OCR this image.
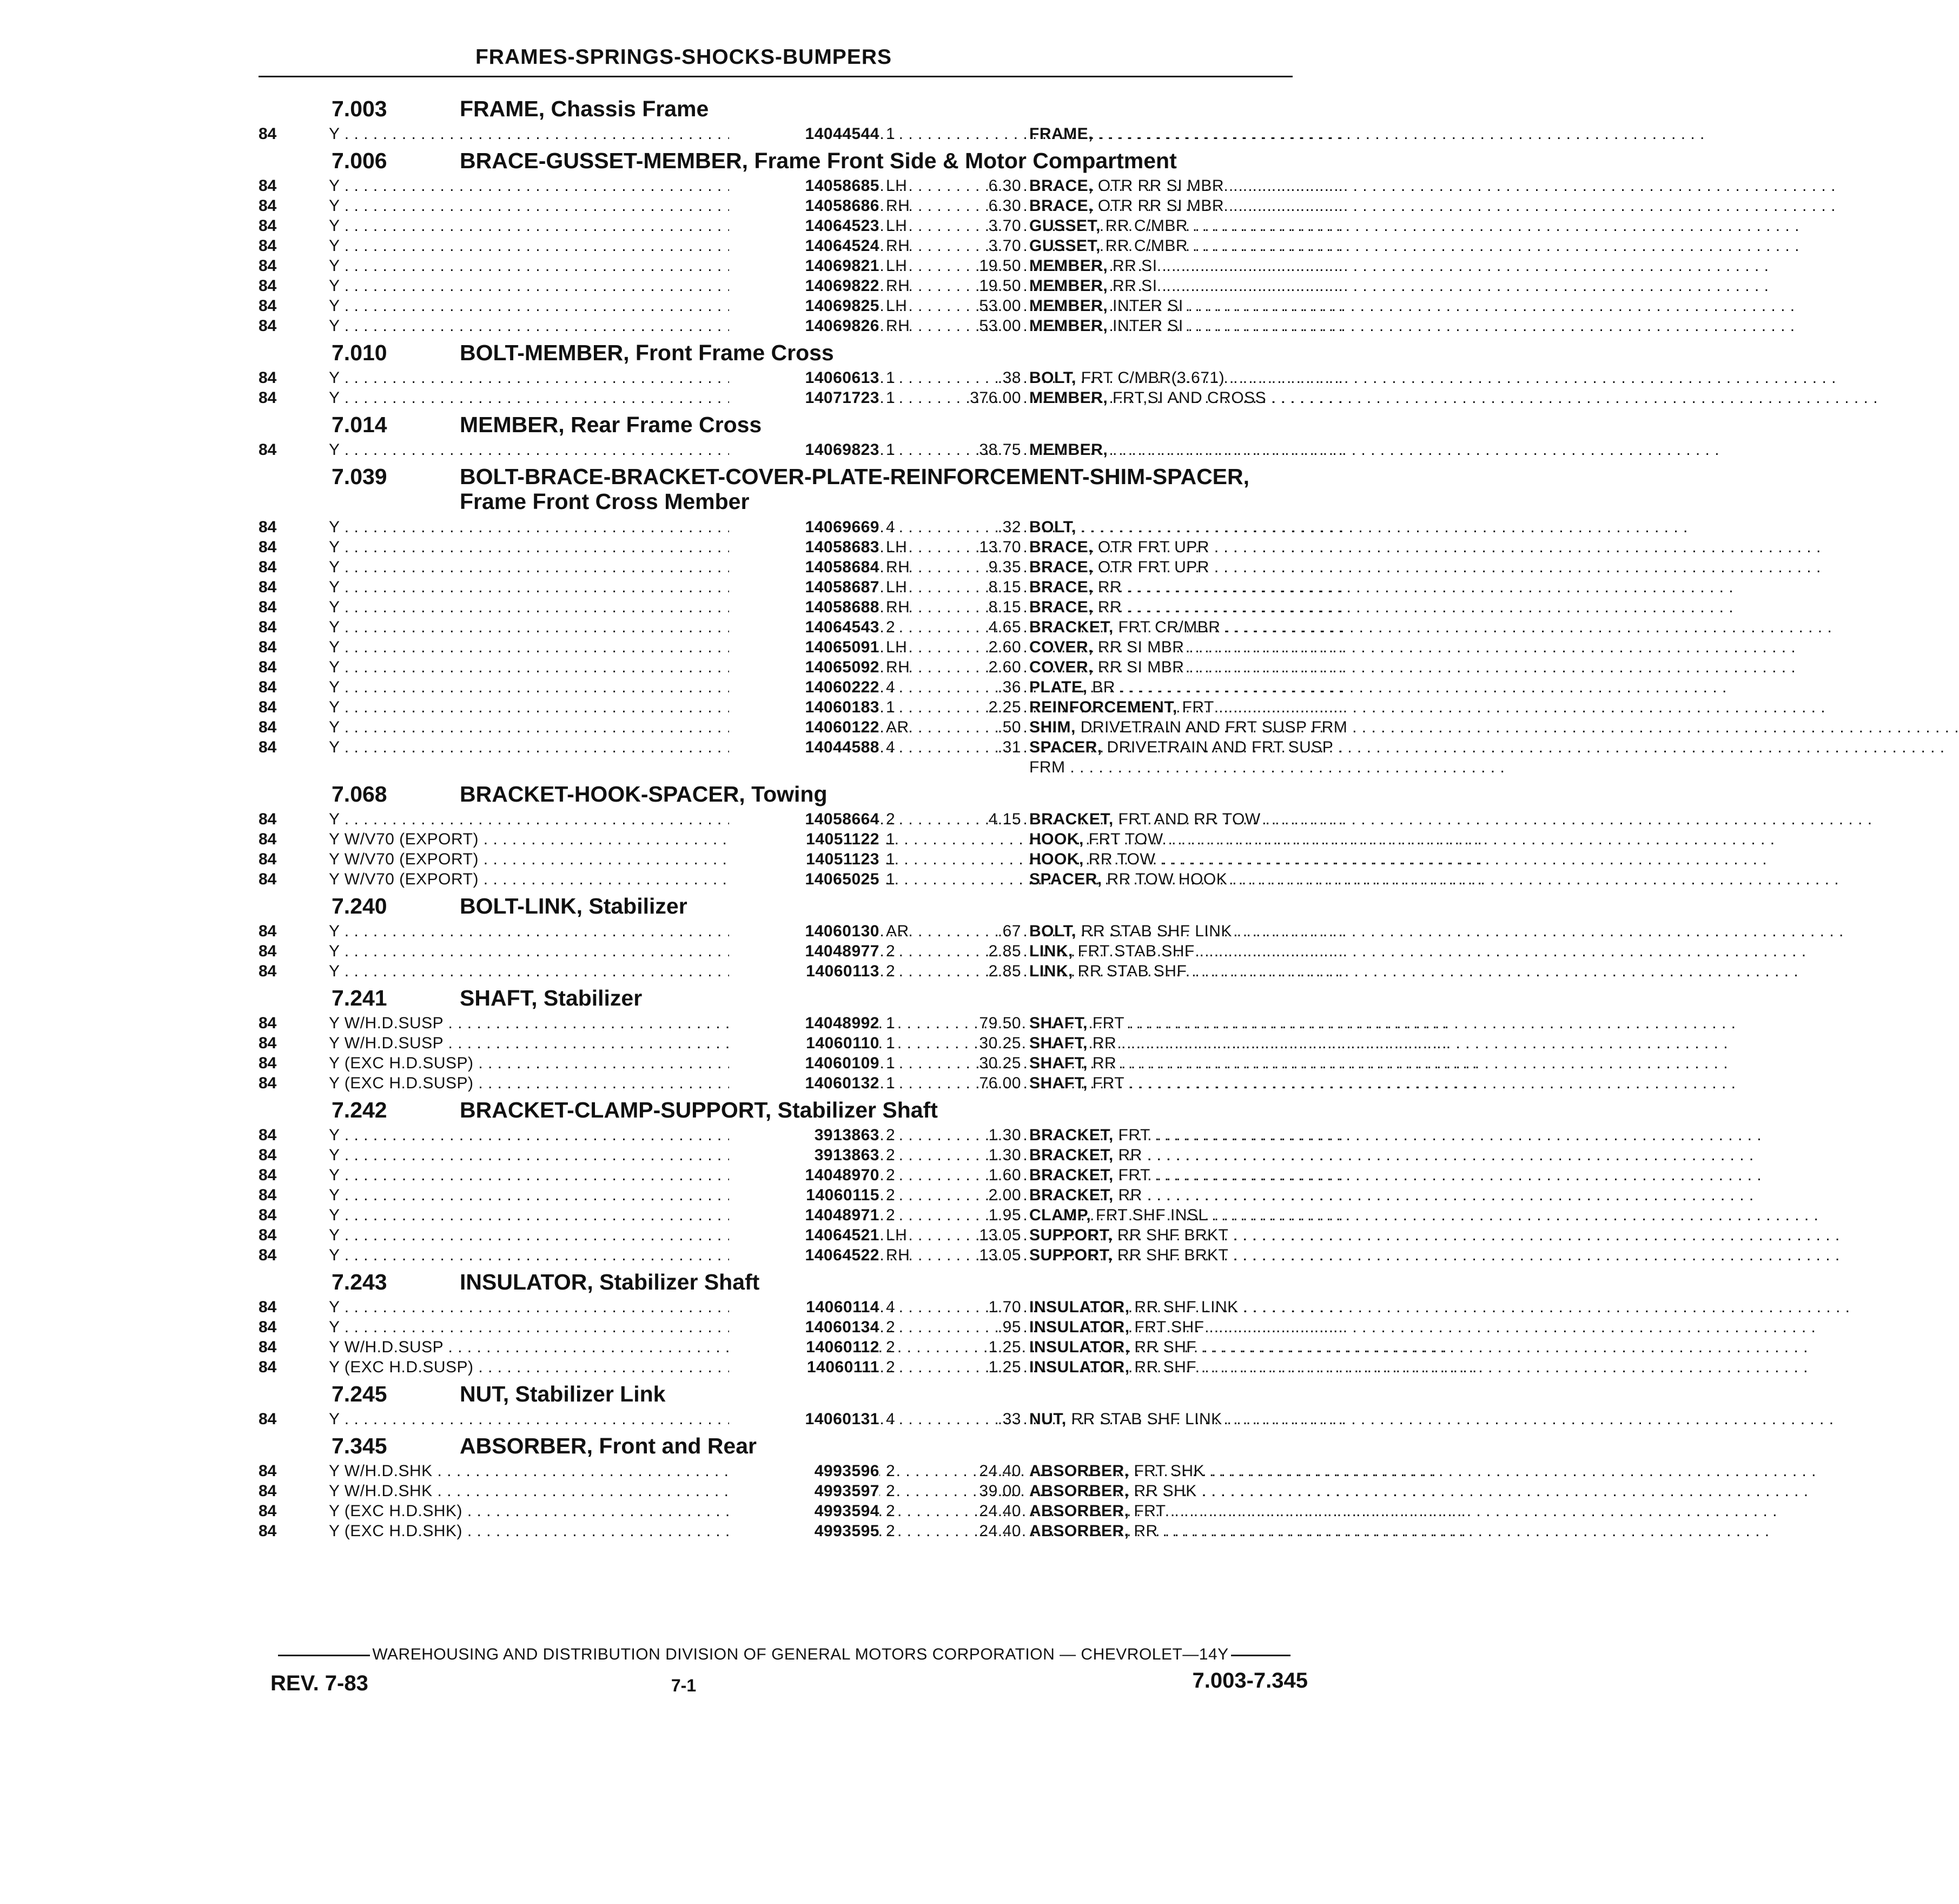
FRAMES-SPRINGS-SHOCKS-BUMPERS
7.003	FRAME, Chassis Frame
84	Y . . .	14044544 1	FRAME, . . .
7.006	BRACE-GUSSET-MEMBER, Frame Front Side & Motor Compartment
84	Y . . .	14058685 LH	6.30 BRACE, OTR RR SI MBR . . .
84	Y . . .	14058686 RH	6.30 BRACE, OTR RR SI MBR . . .
84	Y . . .	14064523 LH	3.70 GUSSET, RR C/MBR . . .
84	Y . . .	14064524 RH	3.70 GUSSET, RR C/MBR . . .
84	Y . . .	14069821 LH	19.50 MEMBER, RR SI . . .
84	Y . . .	14069822 RH	19.50 MEMBER, RR SI . . .
84	Y . . .	14069825 LH	53.00 MEMBER, INTER SI . . .
84	Y . . .	14069826 RH	53.00 MEMBER, INTER SI . . .
7.010	BOLT-MEMBER, Front Frame Cross
84	Y . . .	14060613 1	.38 BOLT, FRT C/MBR(3.671) . . .
84	Y . . .	14071723 1	376.00 MEMBER, FRT,SI AND CROSS . . .
7.014	MEMBER, Rear Frame Cross
84	Y . . .	14069823 1	38.75 MEMBER, . . .
7.039	BOLT-BRACE-BRACKET-COVER-PLATE-REINFORCEMENT-SHIM-SPACER, Frame Front Cross Member
84	Y . . .	14069669 4	.32 BOLT, . . .
84	Y . . .	14058683 LH	13.70 BRACE, OTR FRT UPR . . .
84	Y . . .	14058684 RH	9.35 BRACE, OTR FRT UPR . . .
84	Y . . .	14058687 LH	8.15 BRACE, RR . . .
84	Y . . .	14058688 RH	8.15 BRACE, RR . . .
84	Y . . .	14064543 2	4.65 BRACKET, FRT CR/MBR . . .
84	Y . . .	14065091 LH	2.60 COVER, RR SI MBR . . .
84	Y . . .	14065092 RH	2.60 COVER, RR SI MBR . . .
84	Y . . .	14060222 4	.36 PLATE, BR . . .
84	Y . . .	14060183 1	2.25 REINFORCEMENT, FRT . . .
84	Y . . .	14060122 AR	.50 SHIM, DRIVETRAIN AND FRT SUSP FRM . . .
84	Y . . .	14044588 4	.31 SPACER, DRIVETRAIN AND FRT SUSP . . .
FRM . . .
7.068	BRACKET-HOOK-SPACER, Towing
84	Y . . .	14058664 2	4.15 BRACKET, FRT AND RR TOW . . .
84	Y W/V70 (EXPORT) . . .	14051122 1	HOOK, FRT TOW . . .
84	Y W/V70 (EXPORT) . . .	14051123 1	HOOK, RR TOW . . .
84	Y W/V70 (EXPORT) . . .	14065025 1	SPACER, RR TOW HOOK . . .
7.240	BOLT-LINK, Stabilizer
84	Y . . .	14060130 AR	.67 BOLT, RR STAB SHF LINK . . .
84	Y . . .	14048977 2	2.85 LINK, FRT STAB SHF . . .
84	Y . . .	14060113 2	2.85 LINK, RR STAB SHF . . .
7.241	SHAFT, Stabilizer
84	Y W/H.D.SUSP . . .	14048992 1	79.50 SHAFT, FRT . . .
84	Y W/H.D.SUSP . . .	14060110 1	30.25 SHAFT, RR . . .
84	Y (EXC H.D.SUSP) . . .	14060109 1	30.25 SHAFT, RR . . .
84	Y (EXC H.D.SUSP) . . .	14060132 1	76.00 SHAFT, FRT . . .
7.242	BRACKET-CLAMP-SUPPORT, Stabilizer Shaft
84	Y . . .	3913863 2	1.30 BRACKET, FRT . . .
84	Y . . .	3913863 2	1.30 BRACKET, RR . . .
84	Y . . .	14048970 2	1.60 BRACKET, FRT . . .
84	Y . . .	14060115 2	2.00 BRACKET, RR . . .
84	Y . . .	14048971 2	1.95 CLAMP, FRT SHF INSL . . .
84	Y . . .	14064521 LH	13.05 SUPPORT, RR SHF BRKT . . .
84	Y . . .	14064522 RH	13.05 SUPPORT, RR SHF BRKT . . .
7.243	INSULATOR, Stabilizer Shaft
84	Y . . .	14060114 4	1.70 INSULATOR, RR SHF LINK . . .
84	Y . . .	14060134 2	.95 INSULATOR, FRT SHF . . .
84	Y W/H.D.SUSP . . .	14060112 2	1.25 INSULATOR, RR SHF . . .
84	Y (EXC H.D.SUSP) . . .	14060111 2	1.25 INSULATOR, RR SHF . . .
7.245	NUT, Stabilizer Link
84	Y . . .	14060131 4	.33 NUT, RR STAB SHF LINK . . .
7.345	ABSORBER, Front and Rear
84	Y W/H.D.SHK . . .	4993596 2	24.40 ABSORBER, FRT SHK . . .
84	Y W/H.D.SHK . . .	4993597 2	39.00 ABSORBER, RR SHK . . .
84	Y (EXC H.D.SHK) . . .	4993594 2	24.40 ABSORBER, FRT . . .
84	Y (EXC H.D.SHK) . . .	4993595 2	24.40 ABSORBER, RR . . .
WAREHOUSING AND DISTRIBUTION DIVISION OF GENERAL MOTORS CORPORATION — CHEVROLET—14Y
REV. 7-83	7-1	7.003-7.345
